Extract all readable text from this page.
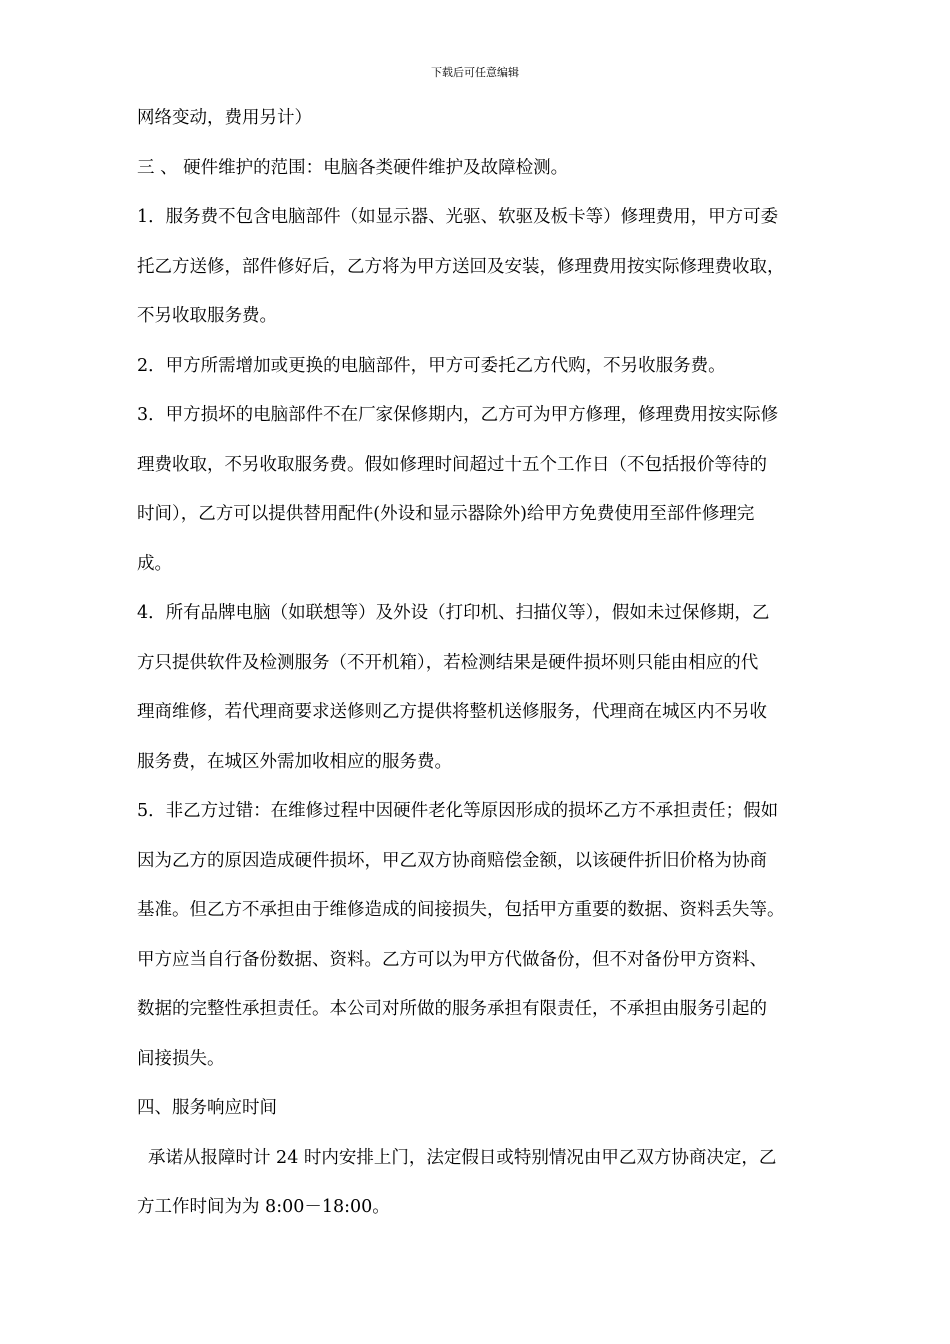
下载后可任意编辑
网络变动，费用另计）
三 、 硬件维护的范围：电脑各类硬件维护及故障检测。
1．服务费不包含电脑部件（如显示器、光驱、软驱及板卡等）修理费用，甲方可委
托乙方送修，部件修好后，乙方将为甲方送回及安装，修理费用按实际修理费收取，
不另收取服务费。
2．甲方所需增加或更换的电脑部件，甲方可委托乙方代购，不另收服务费。
3．甲方损坏的电脑部件不在厂家保修期内，乙方可为甲方修理，修理费用按实际修
理费收取，不另收取服务费。假如修理时间超过十五个工作日（不包括报价等待的
时间），乙方可以提供替用配件(外设和显示器除外)给甲方免费使用至部件修理完
成。
4．所有品牌电脑（如联想等）及外设（打印机、扫描仪等），假如未过保修期，乙
方只提供软件及检测服务（不开机箱），若检测结果是硬件损坏则只能由相应的代
理商维修，若代理商要求送修则乙方提供将整机送修服务，代理商在城区内不另收
服务费，在城区外需加收相应的服务费。
5．非乙方过错：在维修过程中因硬件老化等原因形成的损坏乙方不承担责任；假如
因为乙方的原因造成硬件损坏，甲乙双方协商赔偿金额，以该硬件折旧价格为协商
基准。但乙方不承担由于维修造成的间接损失，包括甲方重要的数据、资料丢失等。
甲方应当自行备份数据、资料。乙方可以为甲方代做备份，但不对备份甲方资料、
数据的完整性承担责任。本公司对所做的服务承担有限责任，不承担由服务引起的
间接损失。
四、服务响应时间
承诺从报障时计 24 时内安排上门，法定假日或特别情况由甲乙双方协商决定，乙
方工作时间为为 8:00－18:00。
